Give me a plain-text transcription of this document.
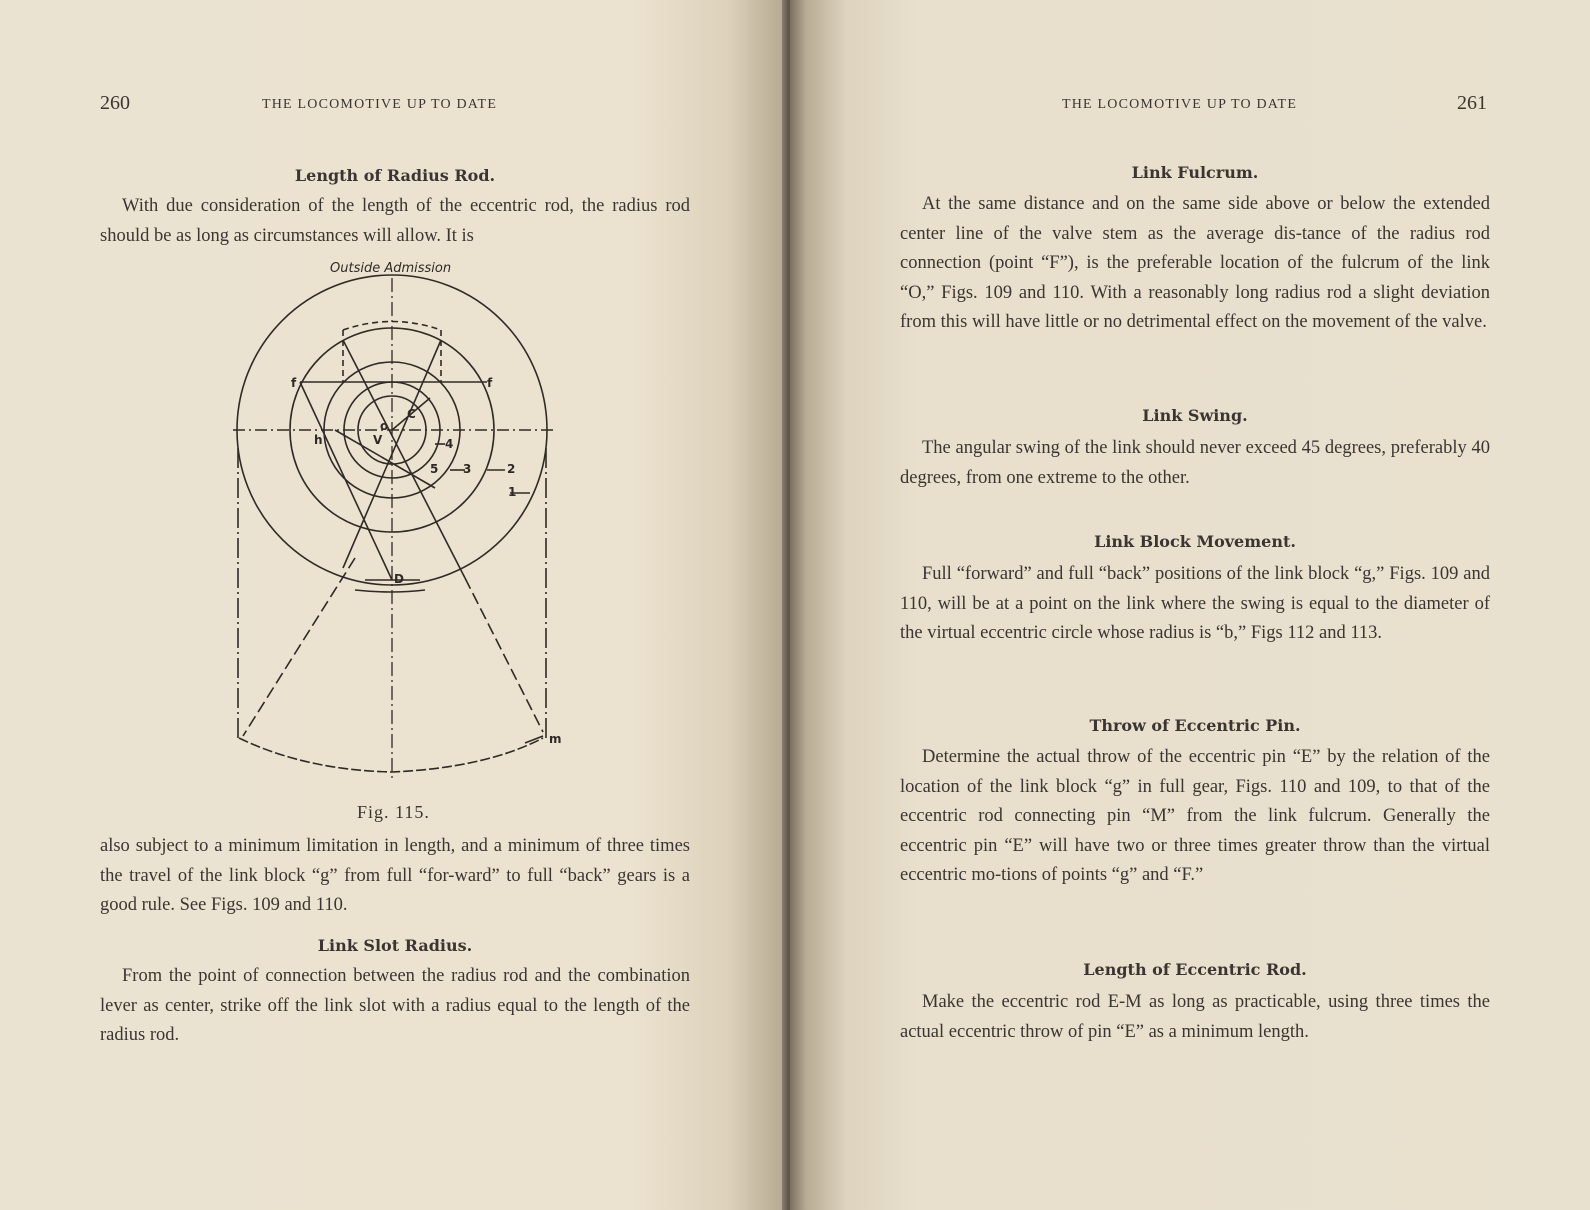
260	THE LOCOMOTIVE UP TO DATE
Length of Radius Rod.
With due consideration of the length of the eccentric rod, the radius rod should be as long as circumstances will allow. It is
Outside Admission
f	f
h
o
V
C
4
5 3	2
1
D
m
Fig. 115.
also subject to a minimum limitation in length, and a minimum of three times the travel of the link block “g” from full “for-ward” to full “back” gears is a good rule. See Figs. 109 and 110.
Link Slot Radius.
From the point of connection between the radius rod and the combination lever as center, strike off the link slot with a radius equal to the length of the radius rod.
THE LOCOMOTIVE UP TO DATE	261
Link Fulcrum.
At the same distance and on the same side above or below the extended center line of the valve stem as the average dis-tance of the radius rod connection (point “F”), is the preferable location of the fulcrum of the link “O,” Figs. 109 and 110. With a reasonably long radius rod a slight deviation from this will have little or no detrimental effect on the movement of the valve.
Link Swing.
The angular swing of the link should never exceed 45 degrees, preferably 40 degrees, from one extreme to the other.
Link Block Movement.
Full “forward” and full “back” positions of the link block “g,” Figs. 109 and 110, will be at a point on the link where the swing is equal to the diameter of the virtual eccentric circle whose radius is “b,” Figs 112 and 113.
Throw of Eccentric Pin.
Determine the actual throw of the eccentric pin “E” by the relation of the location of the link block “g” in full gear, Figs. 110 and 109, to that of the eccentric rod connecting pin “M” from the link fulcrum. Generally the eccentric pin “E” will have two or three times greater throw than the virtual eccentric mo-tions of points “g” and “F.”
Length of Eccentric Rod.
Make the eccentric rod E-M as long as practicable, using three times the actual eccentric throw of pin “E” as a minimum length.
